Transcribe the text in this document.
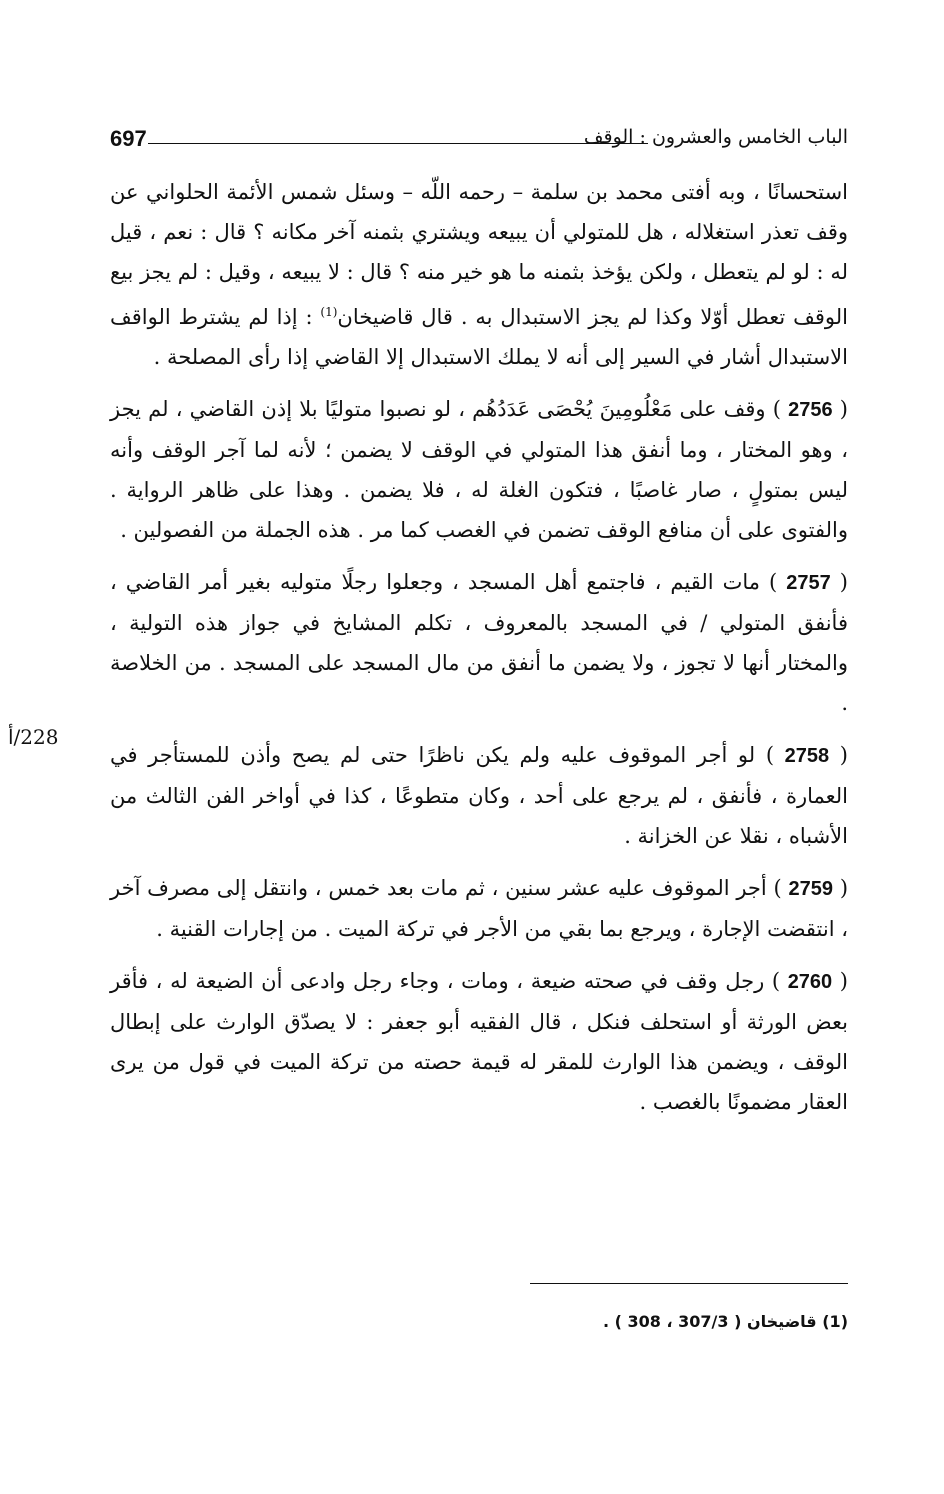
697	الباب الخامس والعشرون : الوقف

استحسانًا ، وبه أفتى محمد بن سلمة – رحمه اللّه – وسئل شمس الأئمة الحلواني عن وقف تعذر استغلاله ، هل للمتولي أن يبيعه ويشتري بثمنه آخر مكانه ؟ قال : نعم ، قيل له : لو لم يتعطل ، ولكن يؤخذ بثمنه ما هو خير منه ؟ قال : لا يبيعه ، وقيل : لم يجز بيع الوقف تعطل أوّلا وكذا لم يجز الاستبدال به . قال قاضيخان$^{(1)}$ : إذا لم يشترط الواقف الاستبدال أشار في السير إلى أنه لا يملك الاستبدال إلا القاضي إذا رأى المصلحة .

( 2756 ) وقف على مَعْلُومِينَ يُحْصَى عَدَدُهُم ، لو نصبوا متوليًا بلا إذن القاضي ، لم يجز ، وهو المختار ، وما أنفق هذا المتولي في الوقف لا يضمن ؛ لأنه لما آجر الوقف وأنه ليس بمتولٍ ، صار غاصبًا ، فتكون الغلة له ، فلا يضمن . وهذا على ظاهر الرواية . والفتوى على أن منافع الوقف تضمن في الغصب كما مر . هذه الجملة من الفصولين .

( 2757 ) مات القيم ، فاجتمع أهل المسجد ، وجعلوا رجلًا متوليه بغير أمر القاضي ، فأنفق المتولي / في المسجد بالمعروف ، تكلم المشايخ في جواز هذه التولية ، والمختار أنها لا تجوز ، ولا يضمن ما أنفق من مال المسجد على المسجد . من الخلاصة .

( 2758 ) لو أجر الموقوف عليه ولم يكن ناظرًا حتى لم يصح وأذن للمستأجر في العمارة ، فأنفق ، لم يرجع على أحد ، وكان متطوعًا ، كذا في أواخر الفن الثالث من الأشباه ، نقلا عن الخزانة .

( 2759 ) أجر الموقوف عليه عشر سنين ، ثم مات بعد خمس ، وانتقل إلى مصرف آخر ، انتقضت الإجارة ، ويرجع بما بقي من الأجر في تركة الميت . من إجارات القنية .

( 2760 ) رجل وقف في صحته ضيعة ، ومات ، وجاء رجل وادعى أن الضيعة له ، فأقر بعض الورثة أو استحلف فنكل ، قال الفقيه أبو جعفر : لا يصدّق الوارث على إبطال الوقف ، ويضمن هذا الوارث للمقر له قيمة حصته من تركة الميت في قول من يرى العقار مضمونًا بالغصب .

228/أ
(1) قاضيخان ( 307/3 ، 308 ) .
